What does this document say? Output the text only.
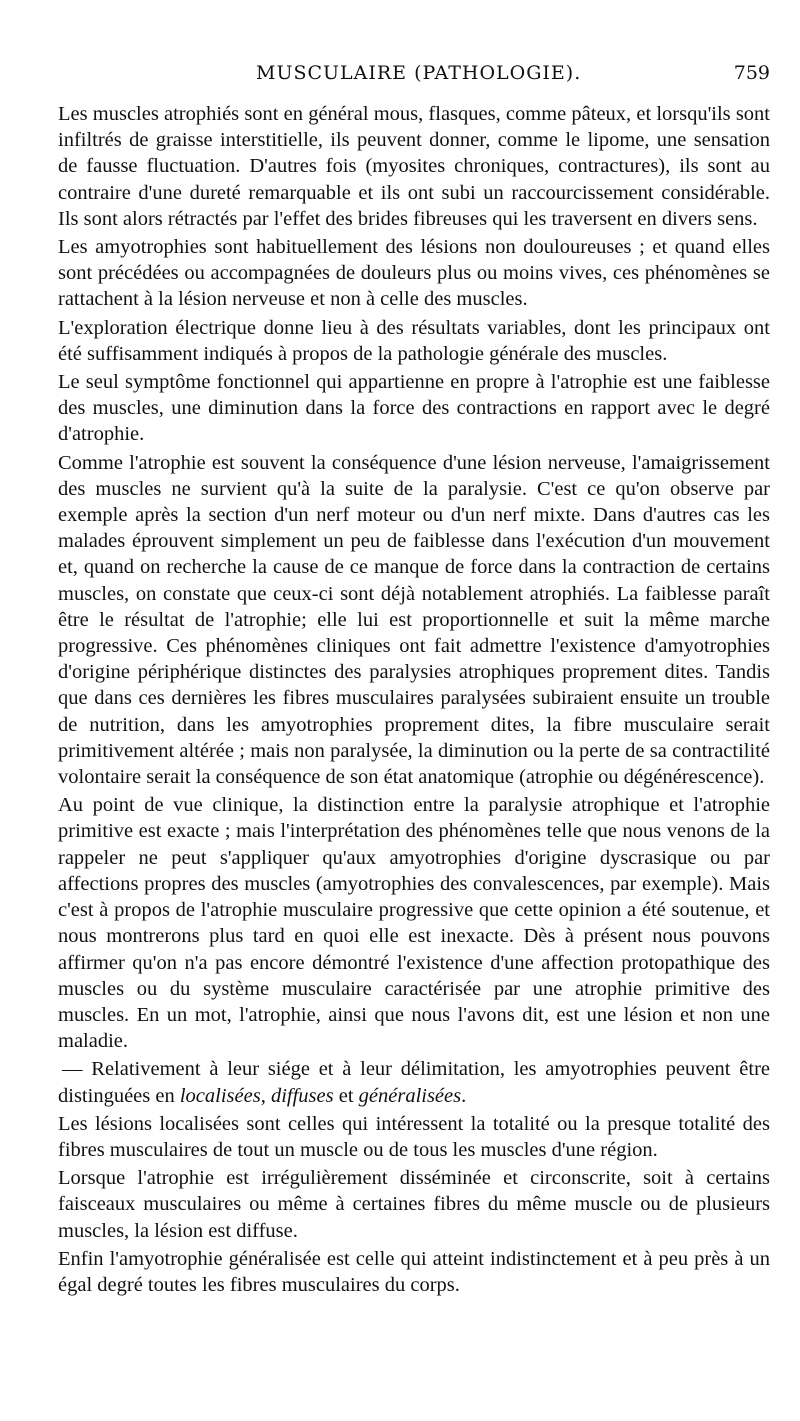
MUSCULAIRE (PATHOLOGIE).	759

Les muscles atrophiés sont en général mous, flasques, comme pâteux, et lorsqu'ils sont infiltrés de graisse interstitielle, ils peuvent donner, comme le lipome, une sensation de fausse fluctuation. D'autres fois (myosites chroniques, contractures), ils sont au contraire d'une dureté remarquable et ils ont subi un raccourcissement considérable. Ils sont alors rétractés par l'effet des brides fibreuses qui les traversent en divers sens.

Les amyotrophies sont habituellement des lésions non douloureuses ; et quand elles sont précédées ou accompagnées de douleurs plus ou moins vives, ces phénomènes se rattachent à la lésion nerveuse et non à celle des muscles.

L'exploration électrique donne lieu à des résultats variables, dont les principaux ont été suffisamment indiqués à propos de la pathologie générale des muscles.

Le seul symptôme fonctionnel qui appartienne en propre à l'atrophie est une faiblesse des muscles, une diminution dans la force des contractions en rapport avec le degré d'atrophie.

Comme l'atrophie est souvent la conséquence d'une lésion nerveuse, l'amaigrissement des muscles ne survient qu'à la suite de la paralysie. C'est ce qu'on observe par exemple après la section d'un nerf moteur ou d'un nerf mixte. Dans d'autres cas les malades éprouvent simplement un peu de faiblesse dans l'exécution d'un mouvement et, quand on recherche la cause de ce manque de force dans la contraction de certains muscles, on constate que ceux-ci sont déjà notablement atrophiés. La faiblesse paraît être le résultat de l'atrophie; elle lui est proportionnelle et suit la même marche progressive. Ces phénomènes cliniques ont fait admettre l'existence d'amyotrophies d'origine périphérique distinctes des paralysies atrophiques proprement dites. Tandis que dans ces dernières les fibres musculaires paralysées subiraient ensuite un trouble de nutrition, dans les amyotrophies proprement dites, la fibre musculaire serait primitivement altérée ; mais non paralysée, la diminution ou la perte de sa contractilité volontaire serait la conséquence de son état anatomique (atrophie ou dégénérescence).

Au point de vue clinique, la distinction entre la paralysie atrophique et l'atrophie primitive est exacte ; mais l'interprétation des phénomènes telle que nous venons de la rappeler ne peut s'appliquer qu'aux amyotrophies d'origine dyscrasique ou par affections propres des muscles (amyotrophies des convalescences, par exemple). Mais c'est à propos de l'atrophie musculaire progressive que cette opinion a été soutenue, et nous montrerons plus tard en quoi elle est inexacte. Dès à présent nous pouvons affirmer qu'on n'a pas encore démontré l'existence d'une affection protopathique des muscles ou du système musculaire caractérisée par une atrophie primitive des muscles. En un mot, l'atrophie, ainsi que nous l'avons dit, est une lésion et non une maladie.

— Relativement à leur siége et à leur délimitation, les amyotrophies peuvent être distinguées en localisées, diffuses et généralisées.

Les lésions localisées sont celles qui intéressent la totalité ou la presque totalité des fibres musculaires de tout un muscle ou de tous les muscles d'une région.

Lorsque l'atrophie est irrégulièrement disséminée et circonscrite, soit à certains faisceaux musculaires ou même à certaines fibres du même muscle ou de plusieurs muscles, la lésion est diffuse.

Enfin l'amyotrophie généralisée est celle qui atteint indistinctement et à peu près à un égal degré toutes les fibres musculaires du corps.
